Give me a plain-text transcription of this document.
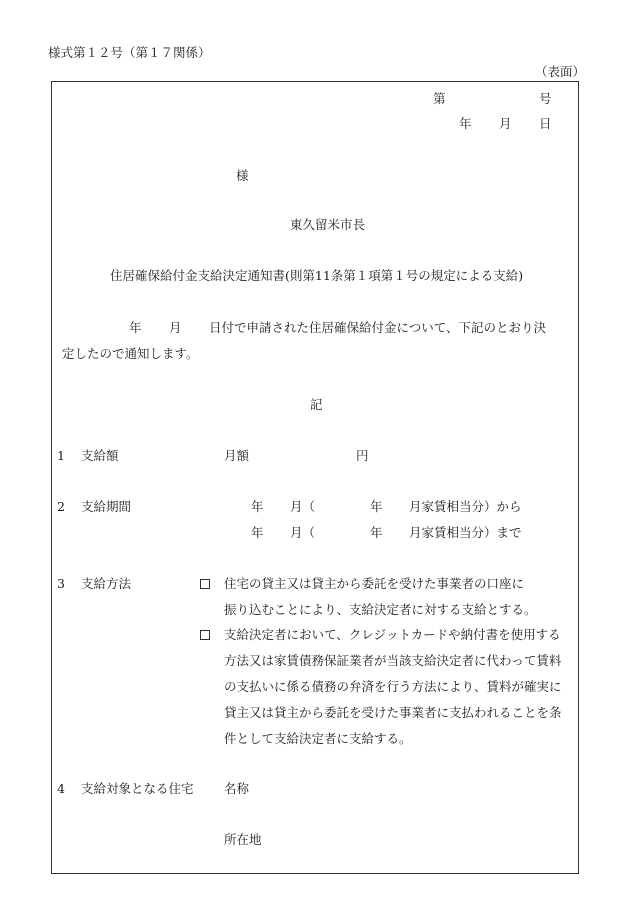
様式第１２号（第１７関係）
（表面）
第	号
年 月 日
様
東久留米市長
住居確保給付金支給決定通知書(則第11条第１項第１号の規定による支給)
年 月 日付で申請された住居確保給付金について、下記のとおり決
定したので通知します。
記
1 支給額	月額	円
2 支給期間	年 月（	年 月家賃相当分）から
年 月（	年 月家賃相当分）まで
3 支給方法	住宅の貸主又は貸主から委託を受けた事業者の口座に
振り込むことにより、支給決定者に対する支給とする。
支給決定者において、クレジットカードや納付書を使用する
方法又は家賃債務保証業者が当該支給決定者に代わって賃料
の支払いに係る債務の弁済を行う方法により、賃料が確実に
貸主又は貸主から委託を受けた事業者に支払われることを条
件として支給決定者に支給する。
4 支給対象となる住宅 名称
所在地
